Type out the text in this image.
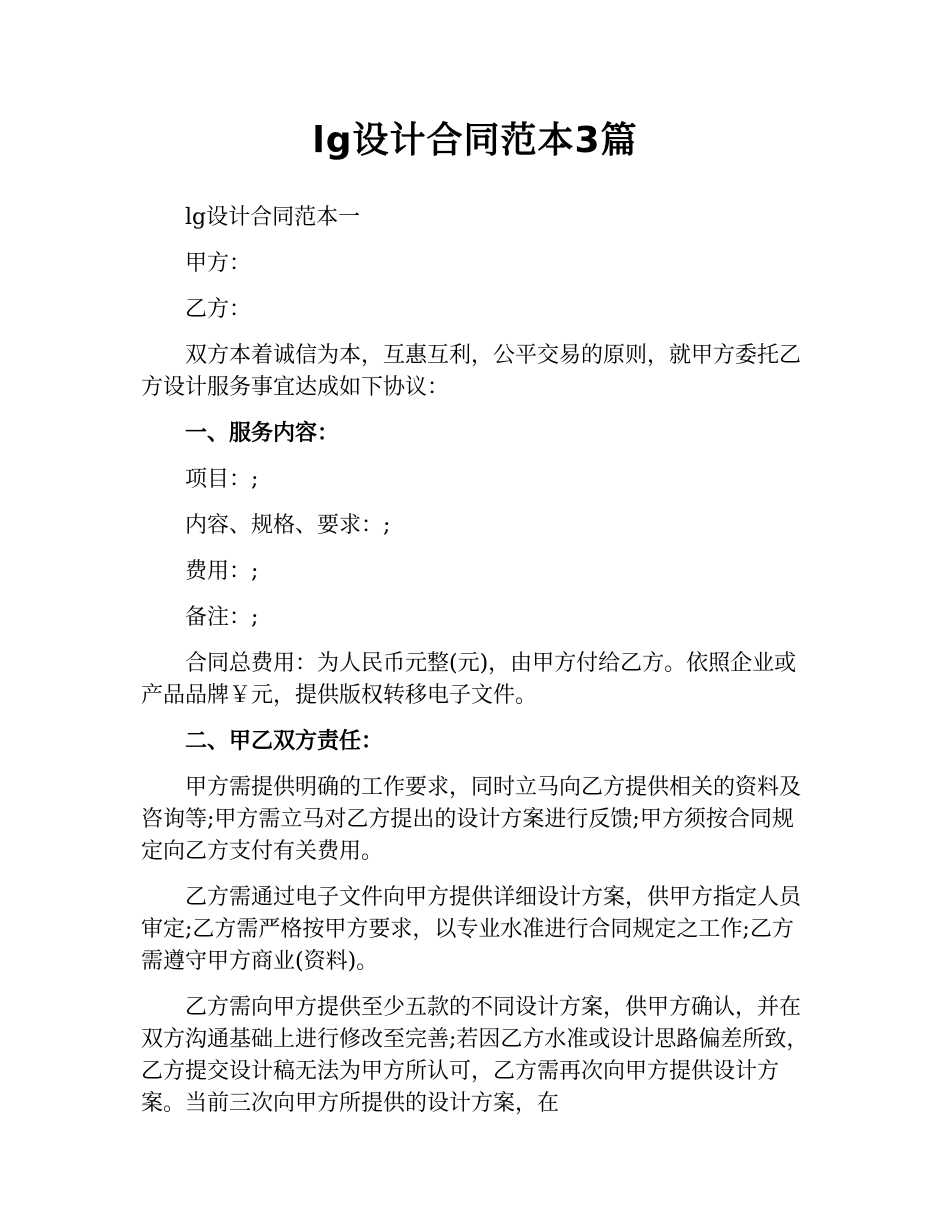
lg设计合同范本3篇

lg设计合同范本一

甲方：

乙方：

双方本着诚信为本，互惠互利，公平交易的原则，就甲方委托乙方设计服务事宜达成如下协议：

一、服务内容：

项目：;

内容、规格、要求：;

费用：;

备注：;

合同总费用：为人民币元整(元)，由甲方付给乙方。依照企业或产品品牌￥元，提供版权转移电子文件。

二、甲乙双方责任：

甲方需提供明确的工作要求，同时立马向乙方提供相关的资料及咨询等;甲方需立马对乙方提出的设计方案进行反馈;甲方须按合同规定向乙方支付有关费用。

乙方需通过电子文件向甲方提供详细设计方案，供甲方指定人员审定;乙方需严格按甲方要求，以专业水准进行合同规定之工作;乙方需遵守甲方商业(资料)。

乙方需向甲方提供至少五款的不同设计方案，供甲方确认，并在双方沟通基础上进行修改至完善;若因乙方水准或设计思路偏差所致，乙方提交设计稿无法为甲方所认可，乙方需再次向甲方提供设计方案。当前三次向甲方所提供的设计方案，在
